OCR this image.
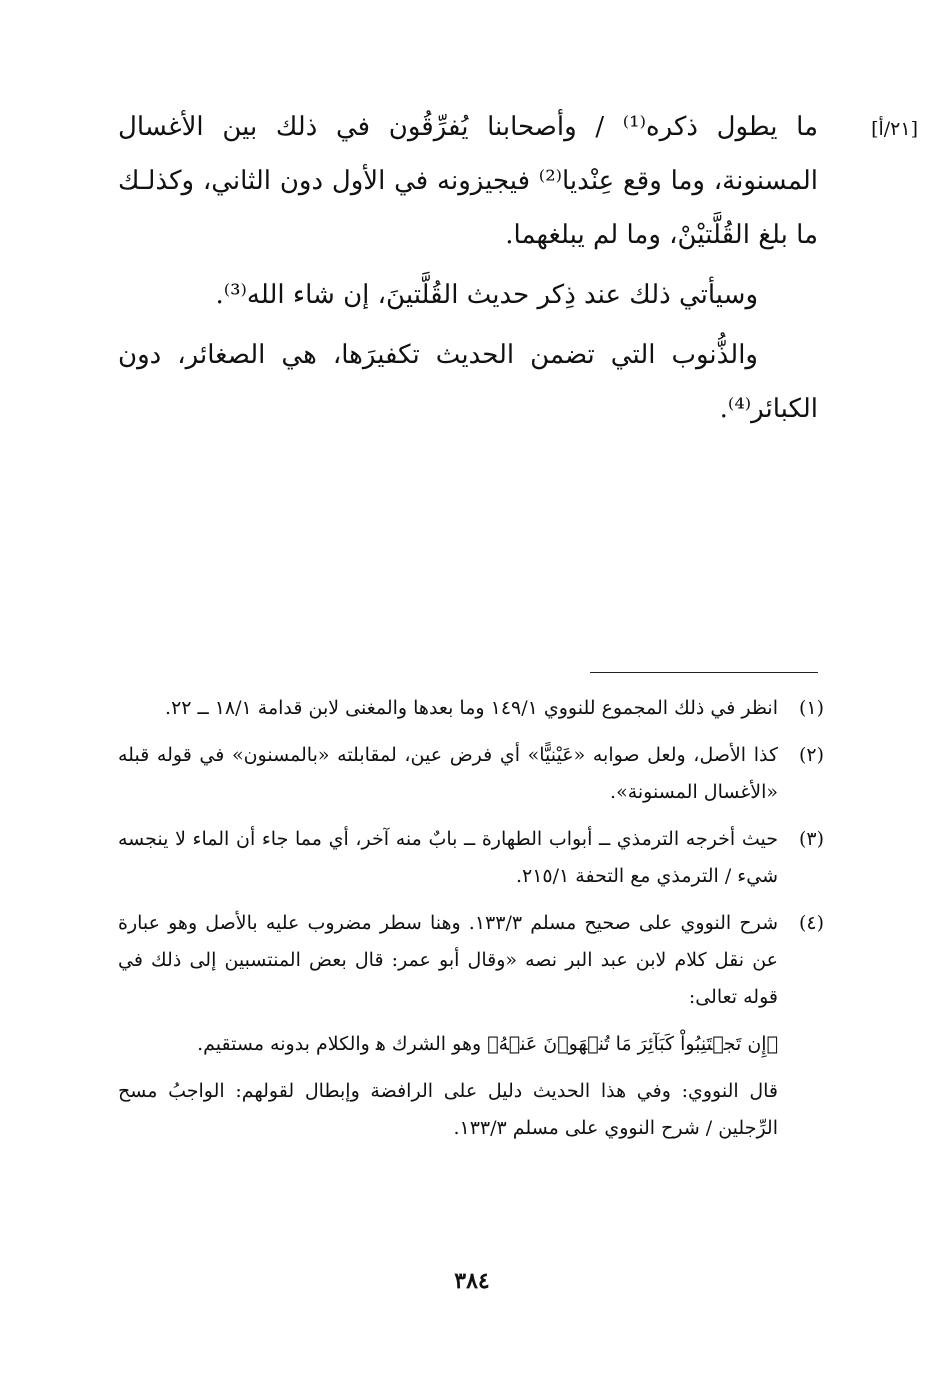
[٢١/أ]

ما يطول ذكره⁽¹⁾ / وأصحابنا يُفرِّقُون في ذلك بين الأغسال المسنونة، وما وقع عِنْديا⁽²⁾ فيجيزونه في الأول دون الثاني، وكذلـك ما بلغ القُلَّتيْنْ، وما لم يبلغهما.

وسيأتي ذلك عند ذِكر حديث القُلَّتينَ، إن شاء الله⁽³⁾.

والذُّنوب التي تضمن الحديث تكفيرَها، هي الصغائر، دون الكبائر⁽⁴⁾.

(١)

انظر في ذلك المجموع للنووي ١٤٩/١ وما بعدها والمغنى لابن قدامة ١٨/١ ــ ٢٢.

(٢)

كذا الأصل، ولعل صوابه «عَيْنيًّا» أي فرض عين، لمقابلته «بالمسنون» في قوله قبله «الأغسال المسنونة».

(٣)

حيث أخرجه الترمذي ــ أبواب الطهارة ــ بابٌ منه آخر، أي مما جاء أن الماء لا ينجسه شيء / الترمذي مع التحفة ٢١٥/١.

(٤)

شرح النووي على صحيح مسلم ١٣٣/٣. وهنا سطر مضروب عليه بالأصل وهو عبارة عن نقل كلام لابن عبد البر نصه «وقال أبو عمر: قال بعض المنتسبين إلى ذلك في قوله تعالى:

﴿إِن تَجۡتَنِبُواْ كَبَآئِرَ مَا تُنۡهَوۡنَ عَنۡهُ﴾ وهو الشرك ﻫ والكلام بدونه مستقيم.

قال النووي: وفي هذا الحديث دليل على الرافضة وإبطال لقولهم: الواجبُ مسح الرِّجلين / شرح النووي على مسلم ١٣٣/٣.

٣٨٤
